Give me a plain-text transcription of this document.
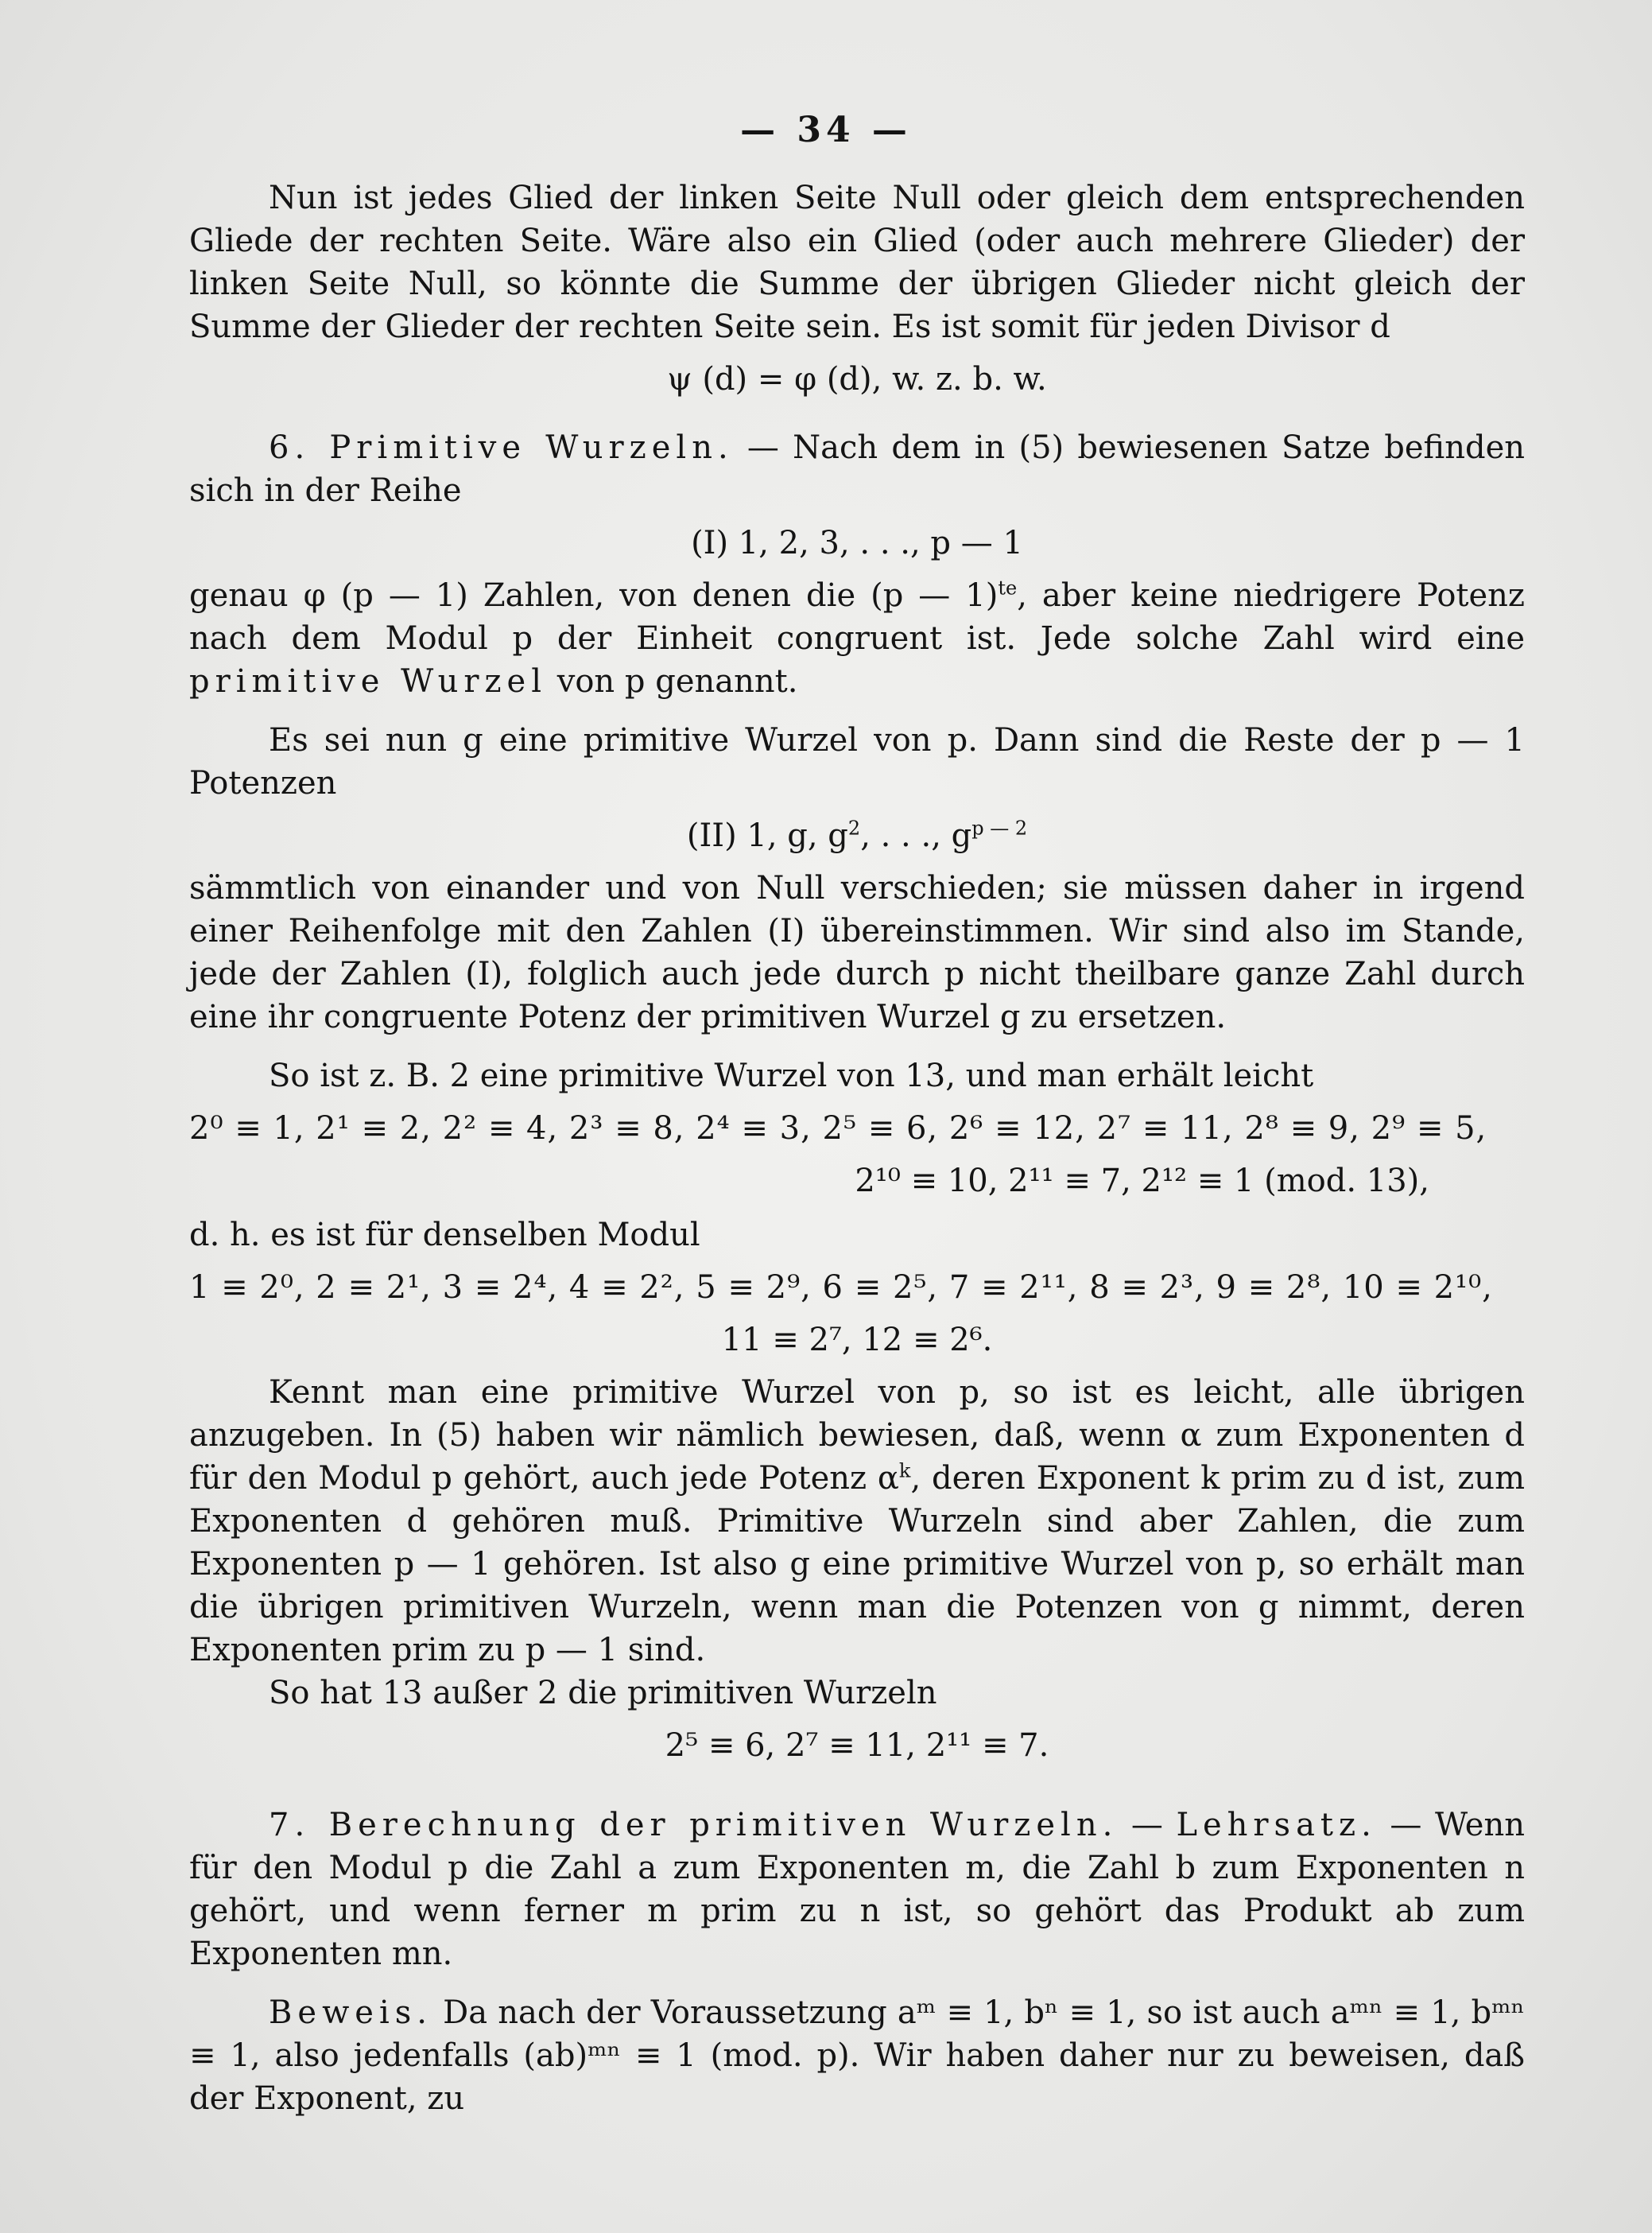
— 34 —

Nun ist jedes Glied der linken Seite Null oder gleich dem entsprechenden Gliede der rechten Seite. Wäre also ein Glied (oder auch mehrere Glieder) der linken Seite Null, so könnte die Summe der übrigen Glieder nicht gleich der Summe der Glieder der rechten Seite sein. Es ist somit für jeden Divisor d

ψ (d) = φ (d), w. z. b. w.

6. Primitive Wurzeln. — Nach dem in (5) bewiesenen Satze befinden sich in der Reihe

(I) 1, 2, 3, . . ., p — 1

genau φ (p — 1) Zahlen, von denen die (p — 1)$^{te}$, aber keine niedrigere Potenz nach dem Modul p der Einheit congruent ist. Jede solche Zahl wird eine primitive Wurzel von p genannt.

Es sei nun g eine primitive Wurzel von p. Dann sind die Reste der p — 1 Potenzen

(II) 1, g, $g^2$, . . ., $g^{p — 2}$

sämmtlich von einander und von Null verschieden; sie müssen daher in irgend einer Reihenfolge mit den Zahlen (I) übereinstimmen. Wir sind also im Stande, jede der Zahlen (I), folglich auch jede durch p nicht theilbare ganze Zahl durch eine ihr congruente Potenz der primitiven Wurzel g zu ersetzen.

So ist z. B. 2 eine primitive Wurzel von 13, und man erhält leicht

2⁰ ≡ 1, 2¹ ≡ 2, 2² ≡ 4, 2³ ≡ 8, 2⁴ ≡ 3, 2⁵ ≡ 6, 2⁶ ≡ 12, 2⁷ ≡ 11, 2⁸ ≡ 9, 2⁹ ≡ 5,
2¹⁰ ≡ 10, 2¹¹ ≡ 7, 2¹² ≡ 1 (mod. 13),

d. h. es ist für denselben Modul

1 ≡ 2⁰, 2 ≡ 2¹, 3 ≡ 2⁴, 4 ≡ 2², 5 ≡ 2⁹, 6 ≡ 2⁵, 7 ≡ 2¹¹, 8 ≡ 2³, 9 ≡ 2⁸, 10 ≡ 2¹⁰,
11 ≡ 2⁷, 12 ≡ 2⁶.

Kennt man eine primitive Wurzel von p, so ist es leicht, alle übrigen anzugeben. In (5) haben wir nämlich bewiesen, daß, wenn α zum Exponenten d für den Modul p gehört, auch jede Potenz $\alpha^k$, deren Exponent k prim zu d ist, zum Exponenten d gehören muß. Primitive Wurzeln sind aber Zahlen, die zum Exponenten p — 1 gehören. Ist also g eine primitive Wurzel von p, so erhält man die übrigen primitiven Wurzeln, wenn man die Potenzen von g nimmt, deren Exponenten prim zu p — 1 sind.

So hat 13 außer 2 die primitiven Wurzeln

2⁵ ≡ 6, 2⁷ ≡ 11, 2¹¹ ≡ 7.

7. Berechnung der primitiven Wurzeln. — Lehrsatz. — Wenn für den Modul p die Zahl a zum Exponenten m, die Zahl b zum Exponenten n gehört, und wenn ferner m prim zu n ist, so gehört das Produkt ab zum Exponenten mn.

Beweis. Da nach der Voraussetzung aᵐ ≡ 1, bⁿ ≡ 1, so ist auch aᵐⁿ ≡ 1, bᵐⁿ ≡ 1, also jedenfalls (ab)ᵐⁿ ≡ 1 (mod. p). Wir haben daher nur zu beweisen, daß der Exponent, zu
